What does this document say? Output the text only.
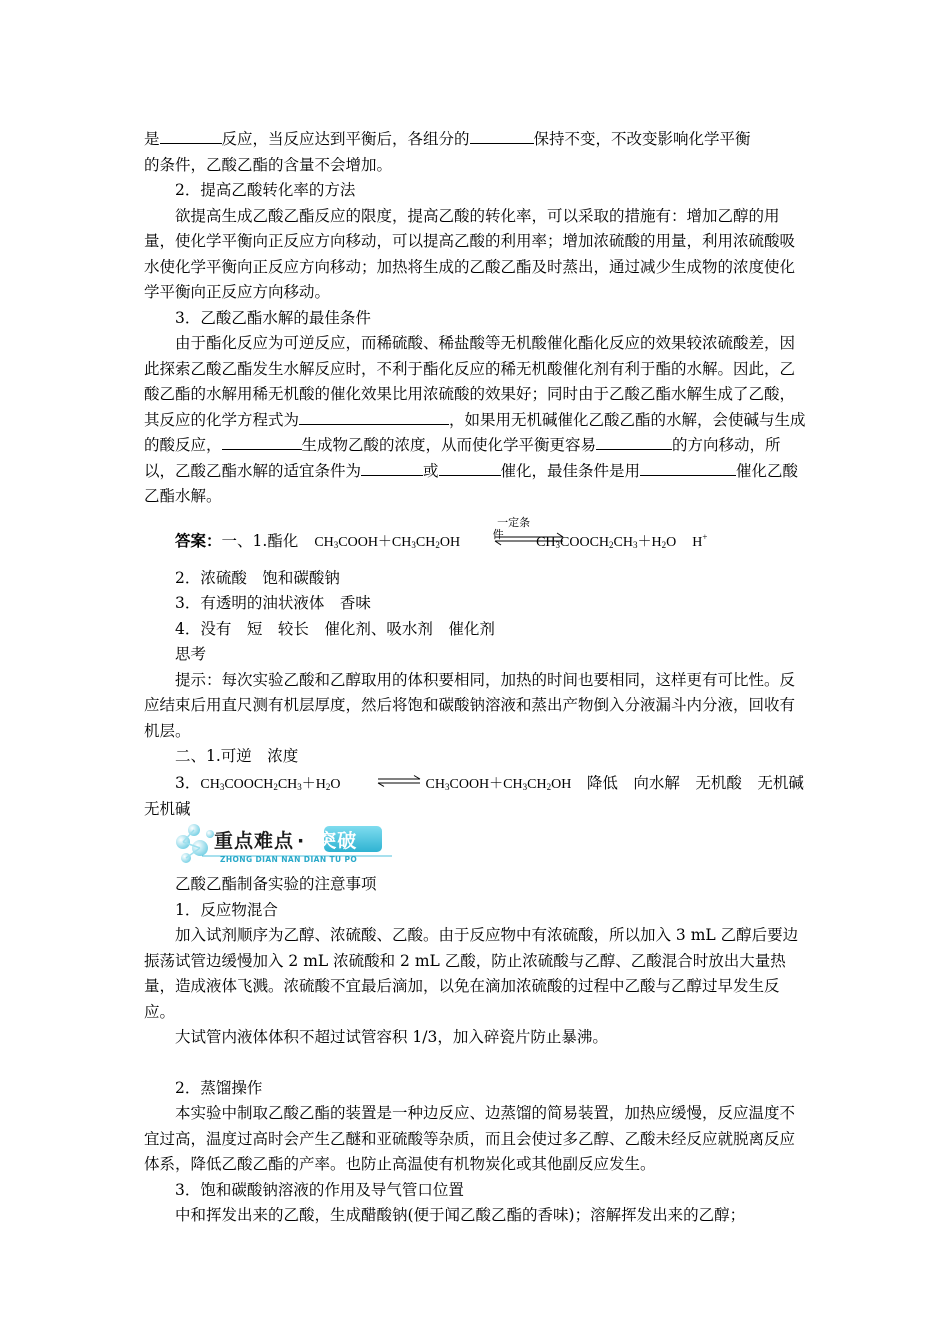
是	反应，当反应达到平衡后，各组分的	保持不变，不改变影响化学平衡

的条件，乙酸乙酯的含量不会增加。

2．提高乙酸转化率的方法

欲提高生成乙酸乙酯反应的限度，提高乙酸的转化率，可以采取的措施有：增加乙醇的用量，使化学平衡向正反应方向移动，可以提高乙酸的利用率；增加浓硫酸的用量，利用浓硫酸吸水使化学平衡向正反应方向移动；加热将生成的乙酸乙酯及时蒸出，通过减少生成物的浓度使化学平衡向正反应方向移动。

3．乙酸乙酯水解的最佳条件

由于酯化反应为可逆反应，而稀硫酸、稀盐酸等无机酸催化酯化反应的效果较浓硫酸差，因此探索乙酸乙酯发生水解反应时，不利于酯化反应的稀无机酸催化剂有利于酯的水解。因此，乙酸乙酯的水解用稀无机酸的催化效果比用浓硫酸的效果好；同时由于乙酸乙酯水解生成了乙酸，其反应的化学方程式为	，如果用无机碱催化乙酸乙酯的水解，会使碱与生成的酸反应，	生成物乙酸的浓度，从而使化学平衡更容易	的方向移动，所以，乙酸乙酯水解的适宜条件为	或	催化，最佳条件是用	催化乙酸乙酯水解。

答案：一、1.酯化 $CH_3COOH+CH_3CH_2OH$
一定条件
$CH_3COOCH_2CH_3+H_2O$ H+

2．浓硫酸　饱和碳酸钠

3．有透明的油状液体　香味

4．没有　短　较长　催化剂、吸水剂　催化剂

思考

提示：每次实验乙酸和乙醇取用的体积要相同，加热的时间也要相同，这样更有可比性。反应结束后用直尺测有机层厚度，然后将饱和碳酸钠溶液和蒸出产物倒入分液漏斗内分液，回收有机层。

二、1.可逆　浓度

3．$CH_3COOCH_2CH_3+H_2O$	$CH_3COOH+CH_3CH_2OH$　降低　向水解　无机酸　无机碱　无机碱

重点难点 · 突破
ZHONG DIAN NAN DIAN TU PO

乙酸乙酯制备实验的注意事项

1．反应物混合

加入试剂顺序为乙醇、浓硫酸、乙酸。由于反应物中有浓硫酸，所以加入 3 mL 乙醇后要边振荡试管边缓慢加入 2 mL 浓硫酸和 2 mL 乙酸，防止浓硫酸与乙醇、乙酸混合时放出大量热量，造成液体飞溅。浓硫酸不宜最后滴加，以免在滴加浓硫酸的过程中乙酸与乙醇过早发生反应。

大试管内液体体积不超过试管容积 1/3，加入碎瓷片防止暴沸。

2．蒸馏操作

本实验中制取乙酸乙酯的装置是一种边反应、边蒸馏的简易装置，加热应缓慢，反应温度不宜过高，温度过高时会产生乙醚和亚硫酸等杂质，而且会使过多乙醇、乙酸未经反应就脱离反应体系，降低乙酸乙酯的产率。也防止高温使有机物炭化或其他副反应发生。

3．饱和碳酸钠溶液的作用及导气管口位置

中和挥发出来的乙酸，生成醋酸钠(便于闻乙酸乙酯的香味)；溶解挥发出来的乙醇；
